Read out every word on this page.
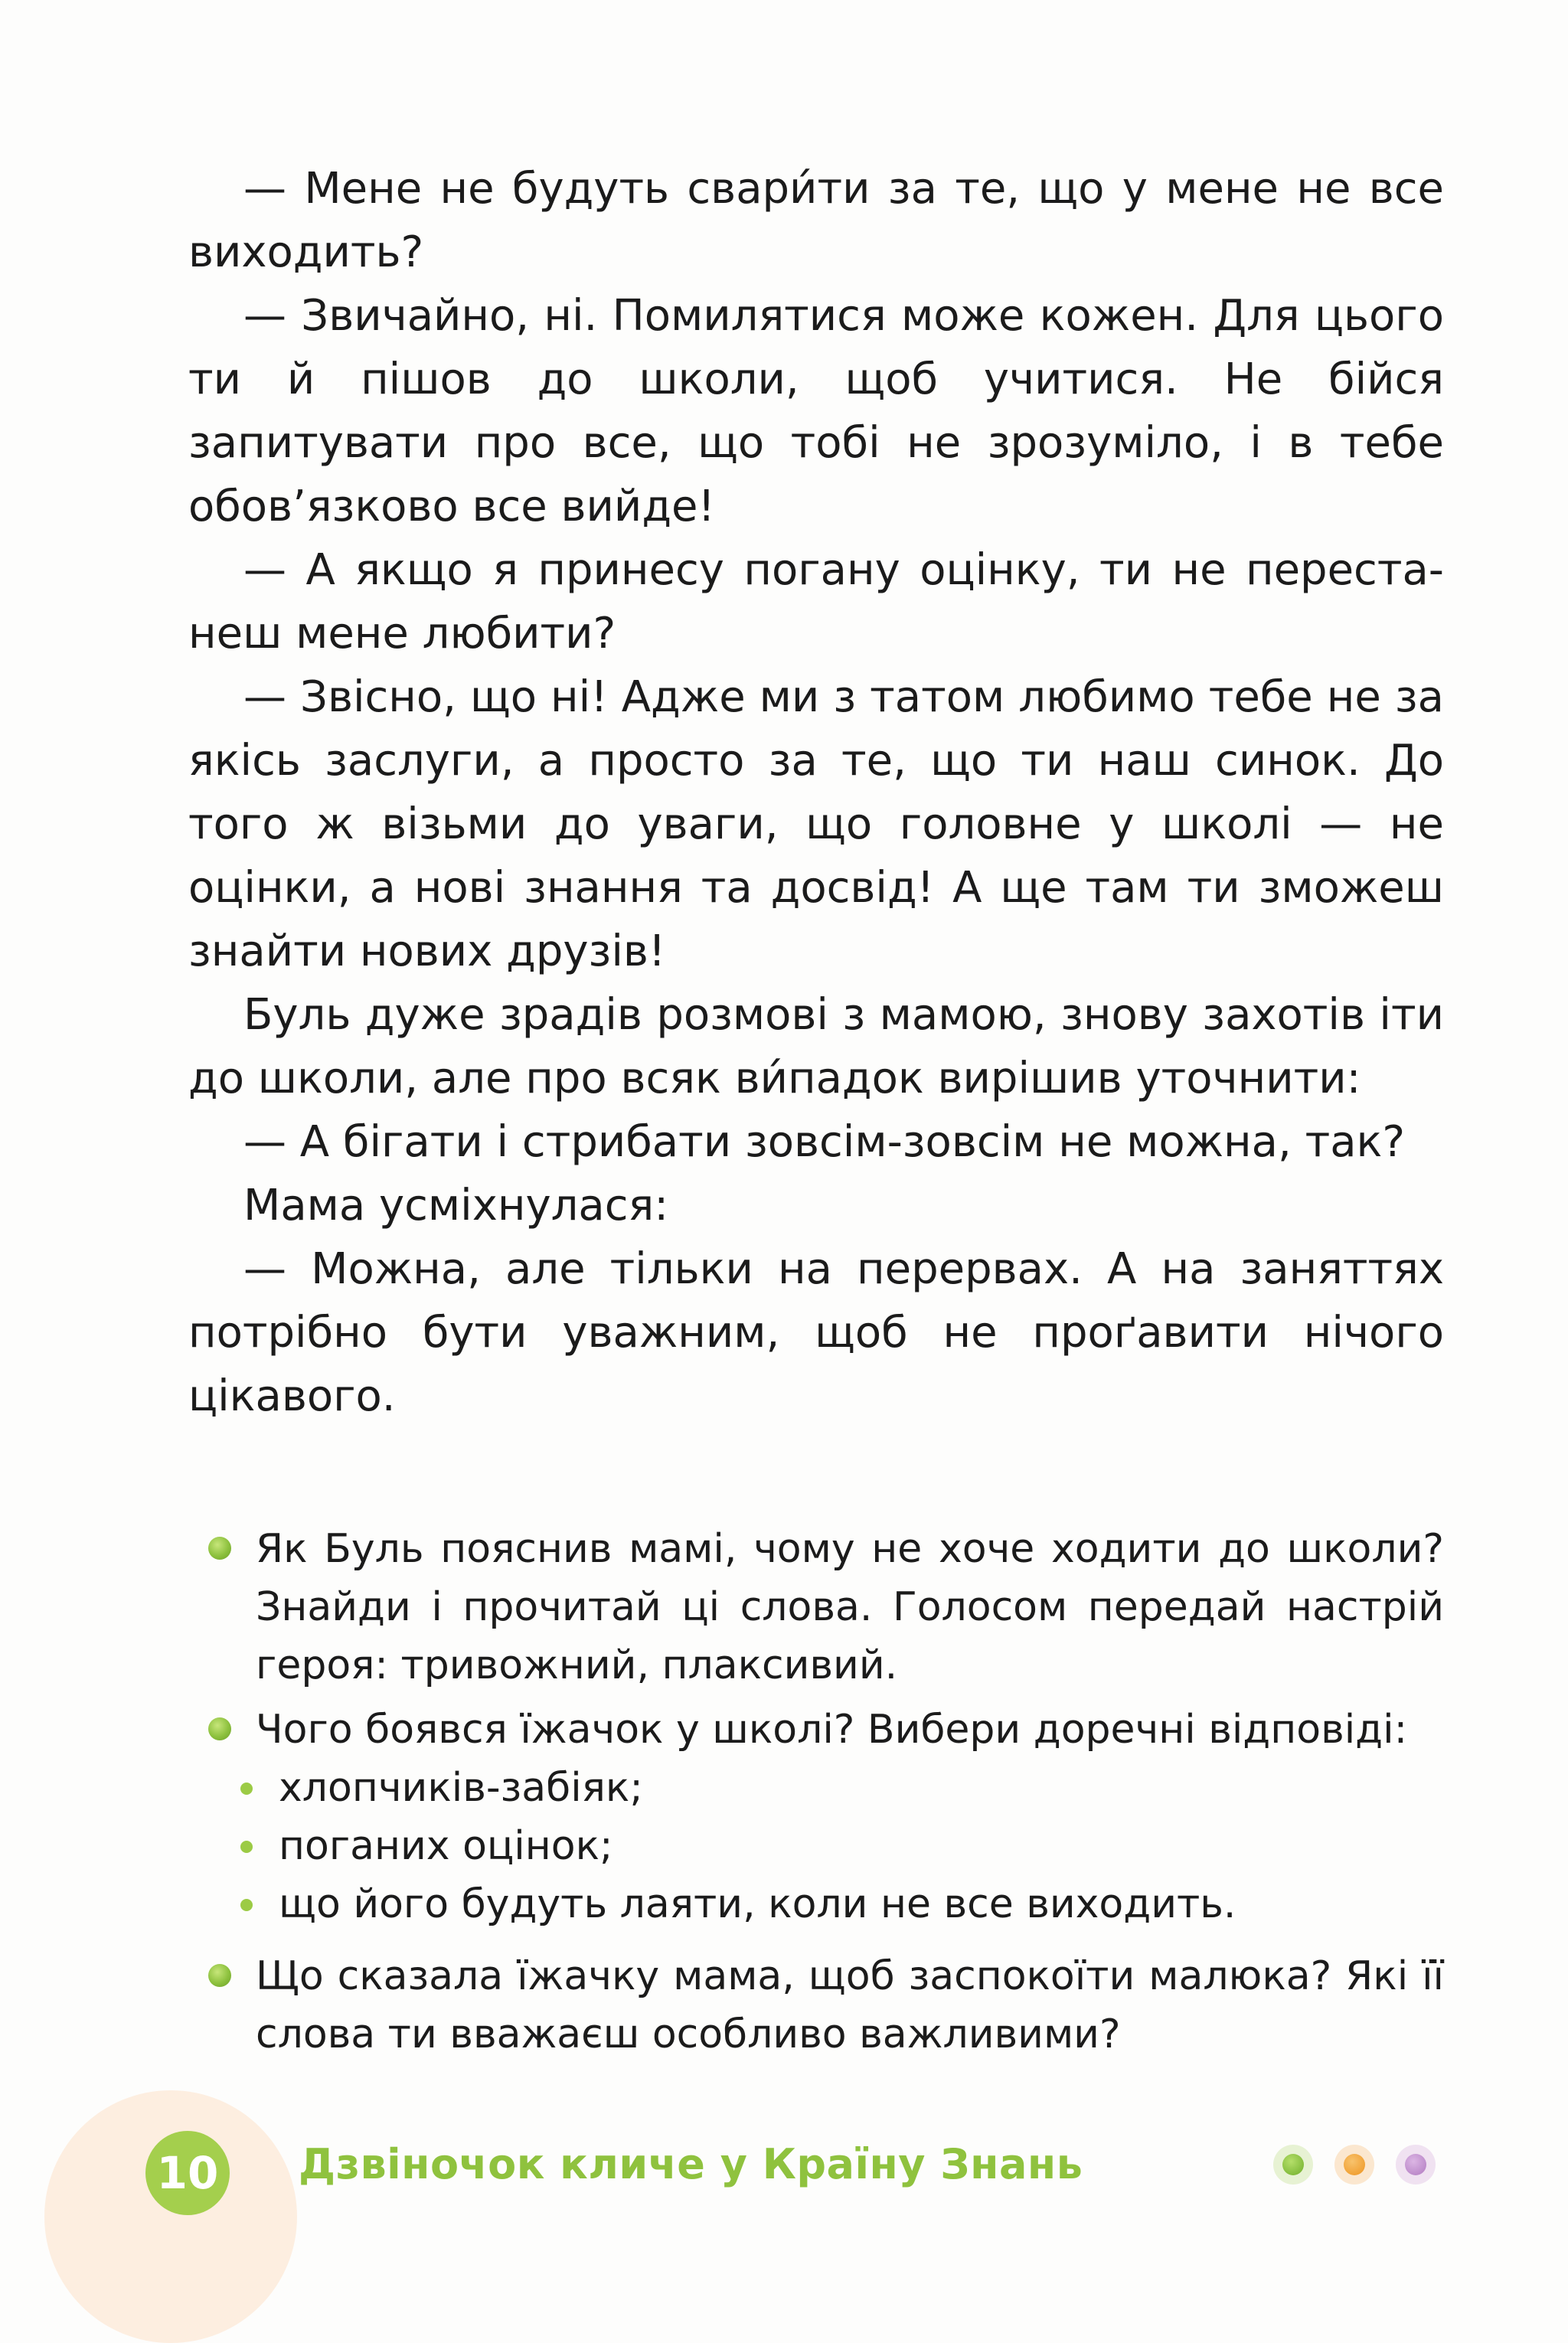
— Мене не будуть свари́ти за те, що у мене не все виходить?

— Звичайно, ні. Помилятися може кожен. Для цього ти й пішов до школи, щоб учитися. Не бійся запитувати про все, що тобі не зрозуміло, і в тебе обов’язково все вийде!

— А якщо я принесу погану оцінку, ти не перестанеш мене любити?

— Звісно, що ні! Адже ми з татом любимо тебе не за якісь заслуги, а просто за те, що ти наш синок. До того ж візьми до уваги, що головне у школі — не оцінки, а нові знання та досвід! А ще там ти зможеш знайти нових друзів!

Буль дуже зрадів розмові з мамою, знову захотів іти до школи, але про всяк ви́падок вирішив уточнити:

— А бігати і стрибати зовсім-зовсім не можна, так?

Мама усміхнулася:

— Можна, але тільки на перервах. А на заняттях потрібно бути уважним, щоб не проґавити нічого цікавого.

Як Буль пояснив мамі, чому не хоче ходити до школи? Знайди і прочитай ці слова. Голосом передай настрій героя: тривожний, плаксивий.
Чого боявся їжачок у школі? Вибери доречні відповіді:
хлопчиків-забіяк;
поганих оцінок;
що його будуть лаяти, коли не все виходить.
Що сказала їжачку мама, щоб заспокоїти малюка? Які її слова ти вважаєш особливо важливими?
10 Дзвіночок кличе у Країну Знань
